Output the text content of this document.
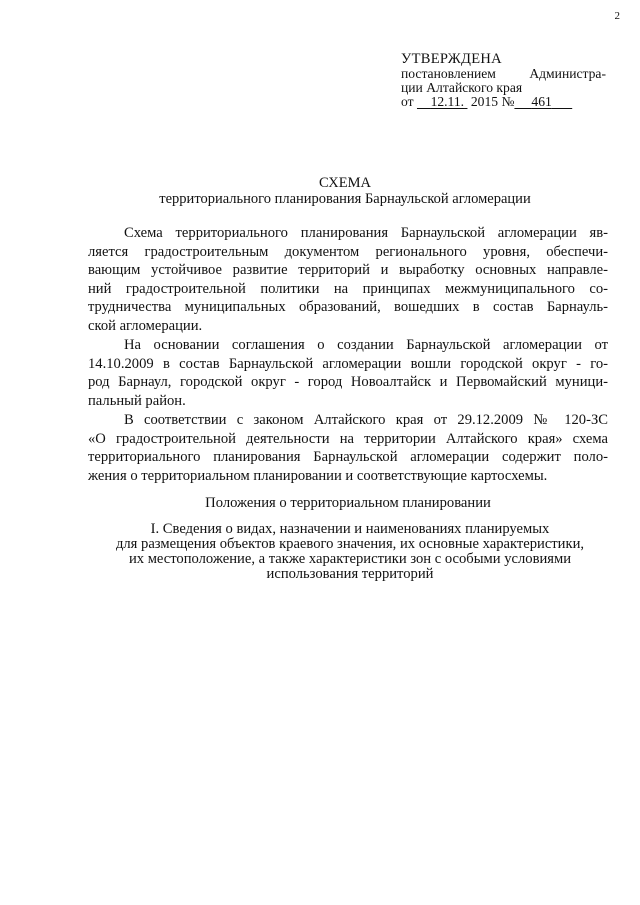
2
УТВЕРЖДЕНА
постановлением Администра-
ции Алтайского края
от 12.11. 2015 № 461
СХЕМА
территориального планирования Барнаульской агломерации
Схема территориального планирования Барнаульской агломерации яв-
ляется градостроительным документом регионального уровня, обеспечи-
вающим устойчивое развитие территорий и выработку основных направле-
ний градостроительной политики на принципах межмуниципального со-
трудничества муниципальных образований, вошедших в состав Барнауль-
ской агломерации.
На основании соглашения о создании Барнаульской агломерации от
14.10.2009 в состав Барнаульской агломерации вошли городской округ - го-
род Барнаул, городской округ - город Новоалтайск и Первомайский муници-
пальный район.
В соответствии с законом Алтайского края от 29.12.2009 № 120-ЗС
«О градостроительной деятельности на территории Алтайского края» схема
территориального планирования Барнаульской агломерации содержит поло-
жения о территориальном планировании и соответствующие картосхемы.
Положения о территориальном планировании
I. Сведения о видах, назначении и наименованиях планируемых
для размещения объектов краевого значения, их основные характеристики,
их местоположение, а также характеристики зон с особыми условиями
использования территорий
